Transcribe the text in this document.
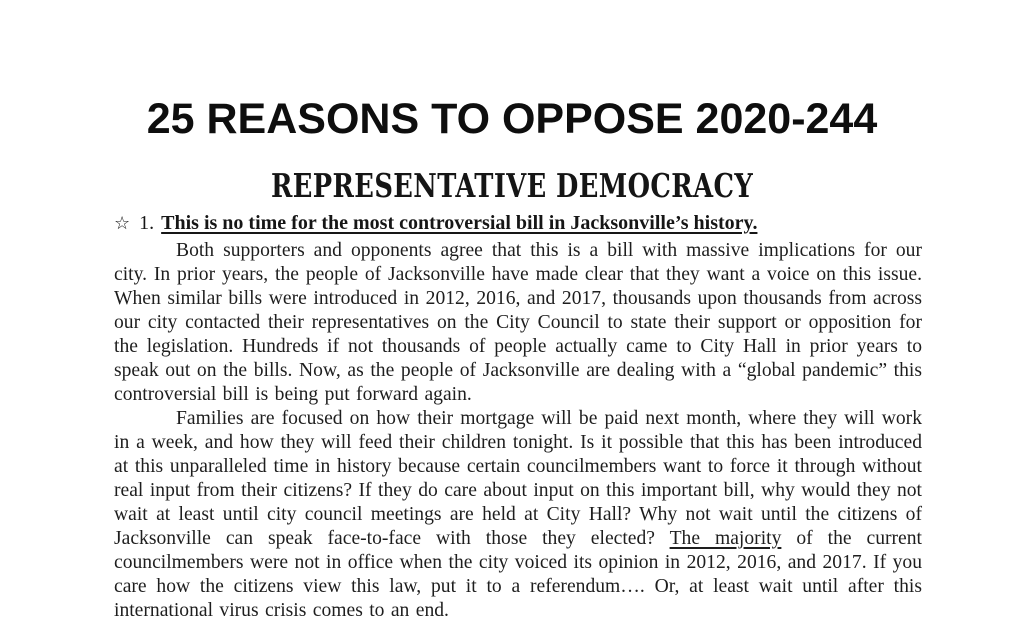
25 REASONS TO OPPOSE 2020-244
REPRESENTATIVE DEMOCRACY
☆ 1. This is no time for the most controversial bill in Jacksonville’s history.

Both supporters and opponents agree that this is a bill with massive implications for our city. In prior years, the people of Jacksonville have made clear that they want a voice on this issue. When similar bills were introduced in 2012, 2016, and 2017, thousands upon thousands from across our city contacted their representatives on the City Council to state their support or opposition for the legislation. Hundreds if not thousands of people actually came to City Hall in prior years to speak out on the bills. Now, as the people of Jacksonville are dealing with a “global pandemic” this controversial bill is being put forward again.

Families are focused on how their mortgage will be paid next month, where they will work in a week, and how they will feed their children tonight. Is it possible that this has been introduced at this unparalleled time in history because certain councilmembers want to force it through without real input from their citizens? If they do care about input on this important bill, why would they not wait at least until city council meetings are held at City Hall? Why not wait until the citizens of Jacksonville can speak face-to-face with those they elected? The majority of the current councilmembers were not in office when the city voiced its opinion in 2012, 2016, and 2017. If you care how the citizens view this law, put it to a referendum…. Or, at least wait until after this international virus crisis comes to an end.
